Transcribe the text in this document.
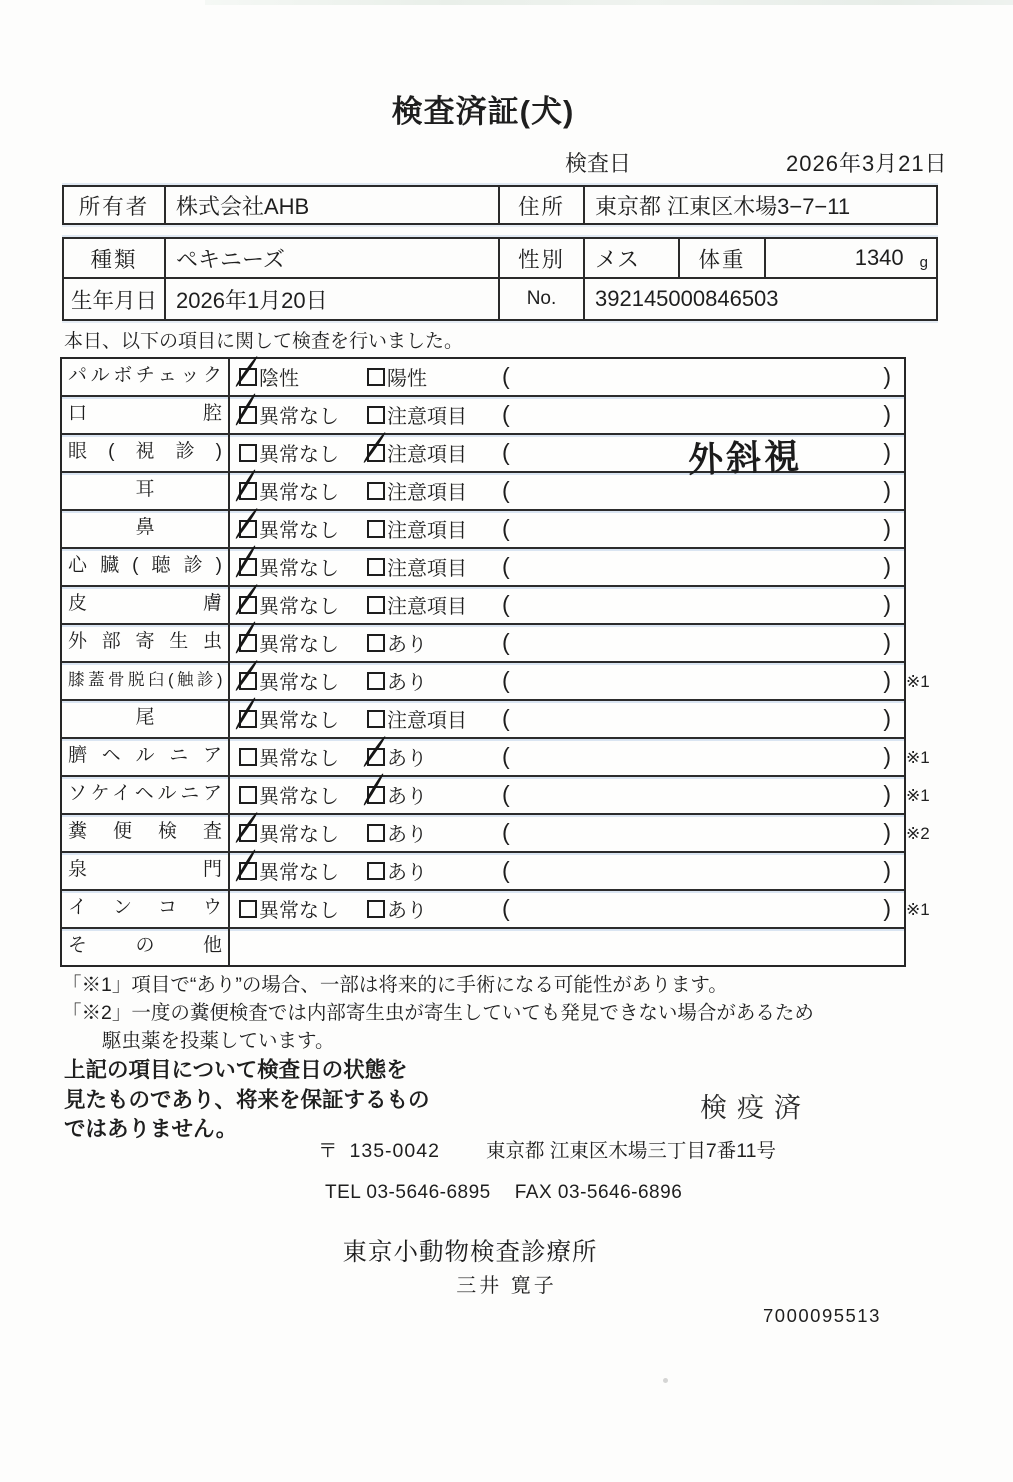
検査済証(犬)
検査日	2026年3月21日
所有者	株式会社AHB	住所	東京都 江東区木場3−7−11
種類	ペキニーズ	性別	メス	体重	1340 g
生年月日 2026年1月20日	No.	392145000846503
本日、以下の項目に関して検査を行いました。
パルボチェック	陰性	陽性	(	)
口腔	異常なし 注意項目 (	)
眼(視診)	異常なし 注意項目 (	外斜視	)
耳	異常なし 注意項目 (	)
鼻	異常なし 注意項目 (	)
心臓(聴診)	異常なし 注意項目 (	)
皮膚	異常なし 注意項目 (	)
外部寄生虫	異常なし あり	(	)
膝蓋骨脱臼(触診)	異常なし あり	(	) ※1
尾	異常なし 注意項目 (	)
臍ヘルニア	異常なし あり	(	) ※1
ソケイヘルニア	異常なし あり	(	) ※1
糞便検査	異常なし あり	(	) ※2
泉門	異常なし あり	(	)
インコウ	異常なし あり	(	) ※1
その他
「※1」項目で“あり”の場合、一部は将来的に手術になる可能性があります。
「※2」一度の糞便検査では内部寄生虫が寄生していても発見できない場合があるため
駆虫薬を投薬しています。
上記の項目について検査日の状態を
見たものであり、将来を保証するもの
ではありません。
検疫済
〒 135-0042 東京都 江東区木場三丁目7番11号
TEL 03-5646-6895 FAX 03-5646-6896
東京小動物検査診療所
三井 寛子
7000095513
